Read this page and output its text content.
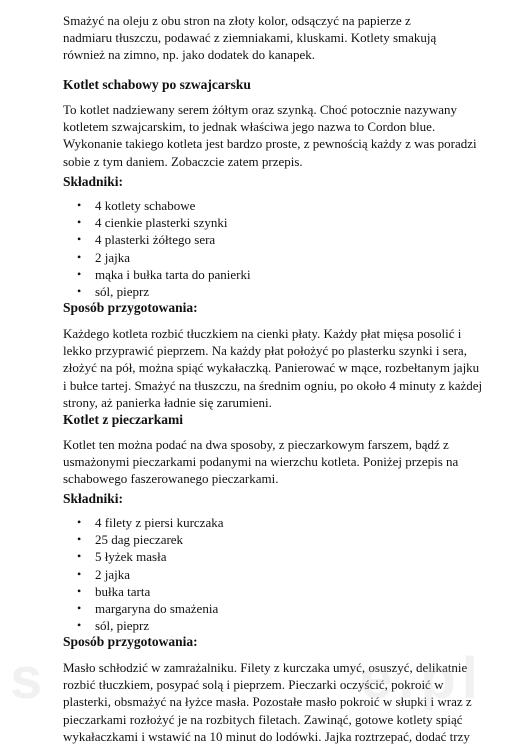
Smażyć na oleju z obu stron na złoty kolor, odsączyć na papierze z
nadmiaru tłuszczu, podawać z ziemniakami, kluskami. Kotlety smakują
również na zimno, np. jako dodatek do kanapek.

Kotlet schabowy po szwajcarsku

To kotlet nadziewany serem żółtym oraz szynką. Choć potocznie nazywany
kotletem szwajcarskim, to jednak właściwa jego nazwa to Cordon blue.
Wykonanie takiego kotleta jest bardzo proste, z pewnością każdy z was poradzi
sobie z tym daniem. Zobaczcie zatem przepis.

Składniki:
• 4 kotlety schabowe
• 4 cienkie plasterki szynki
• 4 plasterki żółtego sera
• 2 jajka
• mąka i bułka tarta do panierki
• sól, pieprz
Sposób przygotowania:

Każdego kotleta rozbić tłuczkiem na cienki płaty. Każdy płat mięsa posolić i
lekko przyprawić pieprzem. Na każdy płat położyć po plasterku szynki i sera,
złożyć na pół, można spiąć wykałaczką. Panierować w mące, rozbełtanym jajku
i bułce tartej. Smażyć na tłuszczu, na średnim ogniu, po około 4 minuty z każdej
strony, aż panierka ładnie się zarumieni.

Kotlet z pieczarkami

Kotlet ten można podać na dwa sposoby, z pieczarkowym farszem, bądź z
usmażonymi pieczarkami podanymi na wierzchu kotleta. Poniżej przepis na
schabowego faszerowanego pieczarkami.

Składniki:
• 4 filety z piersi kurczaka
• 25 dag pieczarek
• 5 łyżek masła
• 2 jajka
• bułka tarta
• margaryna do smażenia
• sól, pieprz
Sposób przygotowania:

Masło schłodzić w zamrażalniku. Filety z kurczaka umyć, osuszyć, delikatnie
rozbić tłuczkiem, posypać solą i pieprzem. Pieczarki oczyścić, pokroić w
plasterki, obsmażyć na łyżce masła. Pozostałe masło pokroić w słupki i wraz z
pieczarkami rozłożyć je na rozbitych filetach. Zawinąć, gotowe kotlety spiąć
wykałaczkami i wstawić na 10 minut do lodówki. Jajka roztrzepać, dodać trzy

s	e.pl
